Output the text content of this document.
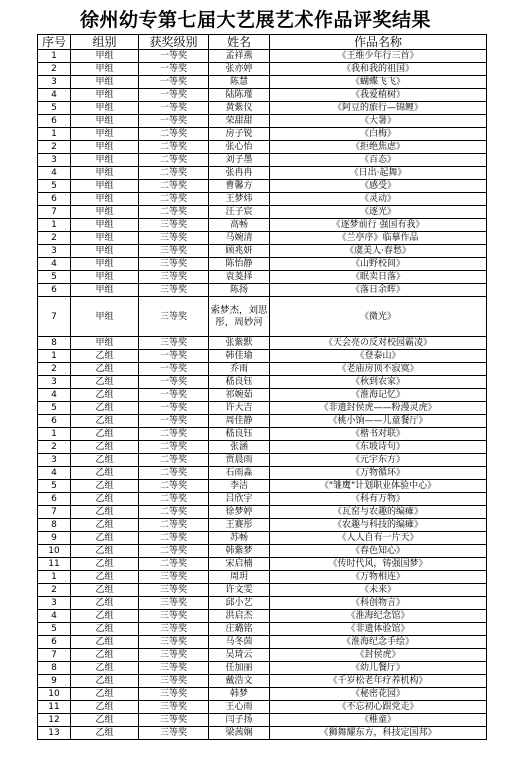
徐州幼专第七届大艺展艺术作品评奖结果
序号	组别	获奖级别	姓名	作品名称
1	甲组	一等奖	孟祥燕	《王维少年行三首》
2	甲组	一等奖	张亦婷	《我和我的祖国》
3	甲组	一等奖	陈慧	《蝴蝶飞飞》
4	甲组	一等奖	陆陈瑾	《我爱植树》
5	甲组	一等奖	黄紫仪	《阿豆的旅行—锦鲤》
6	甲组	一等奖	荣甜甜	《大暑》
1	甲组	二等奖	房子锐	《白梅》
2	甲组	二等奖	张心怡	《拒绝焦虑》
3	甲组	二等奖	刘子墨	《百态》
4	甲组	二等奖	张冉冉	《日出·起舞》
5	甲组	二等奖	曹馨方	《感受》
6	甲组	二等奖	王梦炜	《灵动》
7	甲组	二等奖	汪子宸	《逐光》
1	甲组	三等奖	高畅	《逐梦前行 强国有我》
2	甲组	三等奖	马婉清	《兰亭序》临摹作品
3	甲组	三等奖	顾兆妍	《虞美人·春愁》
4	甲组	三等奖	陈怡静	《山野校间》
5	甲组	三等奖	袁菱择	《眠卖日落》
6	甲组	三等奖	陈扬	《落日余晖》
7	甲组	三等奖	索梦杰，刘思彤，周妙河	《微光》
8	甲组	三等奖	张紫默	《天会亮の反对校园霸凌》
1	乙组	一等奖	韩佳瑜	《登泰山》
2	乙组	一等奖	乔雨	《老庙房顶不寂寞》
3	乙组	一等奖	嵇良钰	《秋到农家》
4	乙组	一等奖	祁婉茹	《淮海记忆》
5	乙组	一等奖	许大吉	《非遗封侯虎——粉漫灵虎》
6	乙组	一等奖	周佳静	《桃小饷——儿童餐厅》
1	乙组	二等奖	嵇良钰	《楷书对联》
2	乙组	二等奖	张涵	《东坡诗句》
3	乙组	二等奖	贾晨雨	《元宇东方》
4	乙组	二等奖	石雨淼	《万物循环》
5	乙组	二等奖	李洁	《"雏鹰"计划职业体验中心》
6	乙组	二等奖	吕欣宇	《科有万物》
7	乙组	二等奖	徐梦婷	《瓦窑与农趣的编瘫》
8	乙组	二等奖	王赛彤	《农趣与科技的编瘫》
9	乙组	二等奖	苏畅	《人人自有一片天》
10	乙组	二等奖	韩紫梦	《春色知心》
11	乙组	二等奖	宋启楠	《传时代风，铸强国梦》
1	乙组	三等奖	周玥	《万物相连》
2	乙组	三等奖	许文雯	《未来》
3	乙组	三等奖	邱小艺	《科创物言》
4	乙组	三等奖	洪启杰	《淮海纪念馆》
5	乙组	三等奖	庄璐铭	《非遗体验馆》
6	乙组	三等奖	马冬茵	《淮海纪念手绘》
7	乙组	三等奖	吴琦云	《封侯虎》
8	乙组	三等奖	任加丽	《幼儿餐厅》
9	乙组	三等奖	戴浩文	《千岁松老年疗养机构》
10	乙组	三等奖	韩梦	《秘密花园》
11	乙组	三等奖	王心雨	《不忘初心跟党走》
12	乙组	三等奖	闫子扬	《稚童》
13	乙组	三等奖	梁茜娴	《狮舞耀东方，科技定国邦》
